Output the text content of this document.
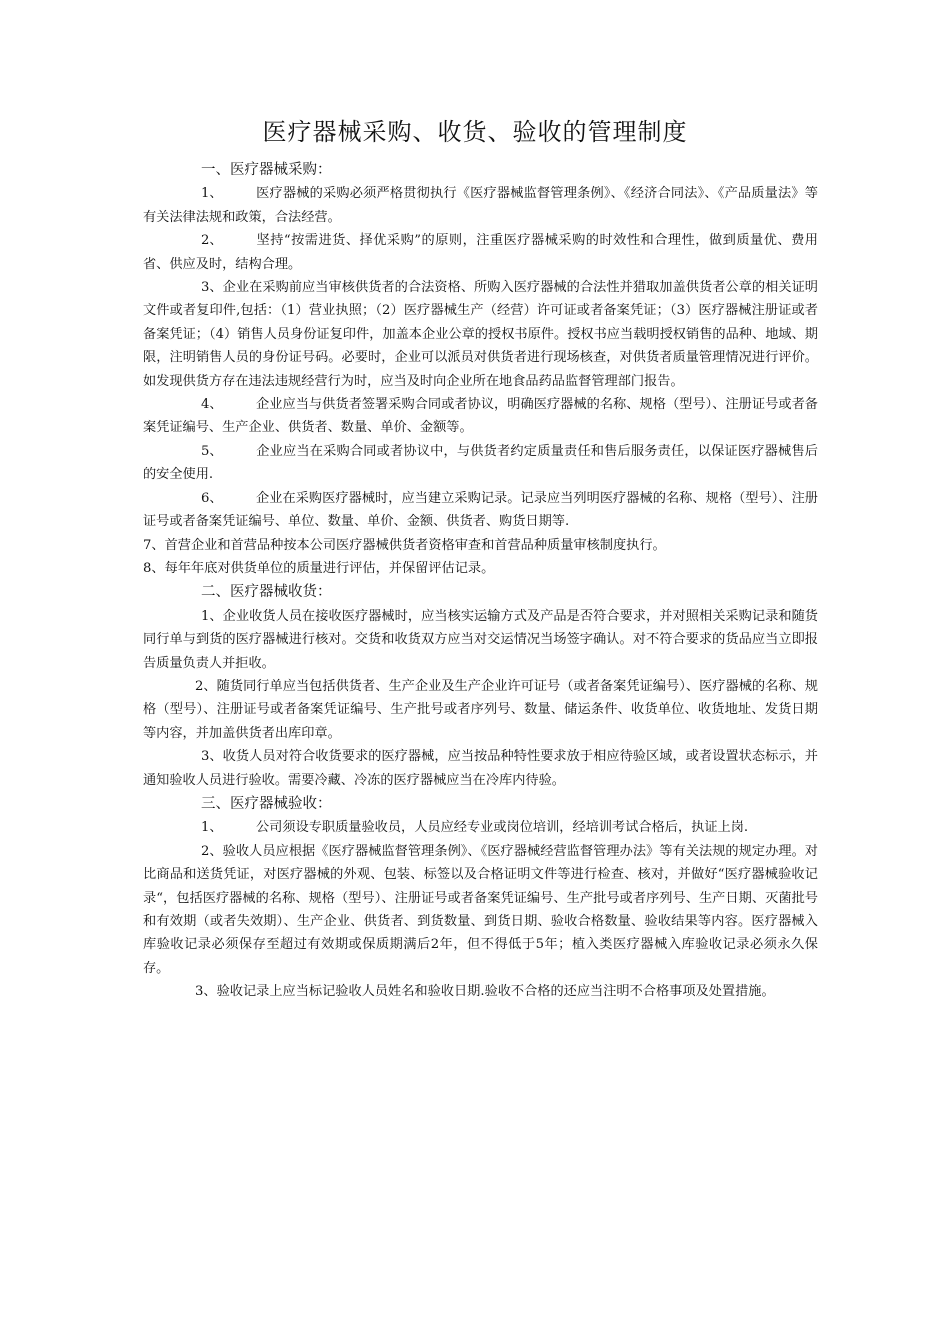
医疗器械采购、收货、验收的管理制度
一、医疗器械采购：

1、	医疗器械的采购必须严格贯彻执行《医疗器械监督管理条例》、《经济合同法》、《产品质量法》等有关法律法规和政策，合法经营。

2、	坚持“按需进货、择优采购”的原则，注重医疗器械采购的时效性和合理性，做到质量优、费用省、供应及时，结构合理。

3、企业在采购前应当审核供货者的合法资格、所购入医疗器械的合法性并猎取加盖供货者公章的相关证明文件或者复印件,包括：（1）营业执照；（2）医疗器械生产（经营）许可证或者备案凭证；（3）医疗器械注册证或者备案凭证；（4）销售人员身份证复印件，加盖本企业公章的授权书原件。授权书应当载明授权销售的品种、地域、期限，注明销售人员的身份证号码。必要时，企业可以派员对供货者进行现场核查，对供货者质量管理情况进行评价。如发现供货方存在违法违规经营行为时，应当及时向企业所在地食品药品监督管理部门报告。

4、	企业应当与供货者签署采购合同或者协议，明确医疗器械的名称、规格（型号）、注册证号或者备案凭证编号、生产企业、供货者、数量、单价、金额等。

5、	企业应当在采购合同或者协议中，与供货者约定质量责任和售后服务责任，以保证医疗器械售后的安全使用.

6、	企业在采购医疗器械时，应当建立采购记录。记录应当列明医疗器械的名称、规格（型号）、注册证号或者备案凭证编号、单位、数量、单价、金额、供货者、购货日期等.

7、首营企业和首营品种按本公司医疗器械供货者资格审查和首营品种质量审核制度执行。

8、每年年底对供货单位的质量进行评估，并保留评估记录。

二、医疗器械收货：

1、企业收货人员在接收医疗器械时，应当核实运输方式及产品是否符合要求，并对照相关采购记录和随货同行单与到货的医疗器械进行核对。交货和收货双方应当对交运情况当场签字确认。对不符合要求的货品应当立即报告质量负责人并拒收。

2、随货同行单应当包括供货者、生产企业及生产企业许可证号（或者备案凭证编号）、医疗器械的名称、规格（型号）、注册证号或者备案凭证编号、生产批号或者序列号、数量、储运条件、收货单位、收货地址、发货日期等内容，并加盖供货者出库印章。

3、收货人员对符合收货要求的医疗器械，应当按品种特性要求放于相应待验区域，或者设置状态标示，并通知验收人员进行验收。需要冷藏、冷冻的医疗器械应当在冷库内待验。

三、医疗器械验收：

1、	公司须设专职质量验收员，人员应经专业或岗位培训，经培训考试合格后，执证上岗.

2、验收人员应根据《医疗器械监督管理条例》、《医疗器械经营监督管理办法》等有关法规的规定办理。对比商品和送货凭证，对医疗器械的外观、包装、标签以及合格证明文件等进行检查、核对，并做好“医疗器械验收记录“，包括医疗器械的名称、规格（型号）、注册证号或者备案凭证编号、生产批号或者序列号、生产日期、灭菌批号和有效期（或者失效期）、生产企业、供货者、到货数量、到货日期、验收合格数量、验收结果等内容。医疗器械入库验收记录必须保存至超过有效期或保质期满后2年，但不得低于5年；植入类医疗器械入库验收记录必须永久保存。

3、验收记录上应当标记验收人员姓名和验收日期.验收不合格的还应当注明不合格事项及处置措施。
